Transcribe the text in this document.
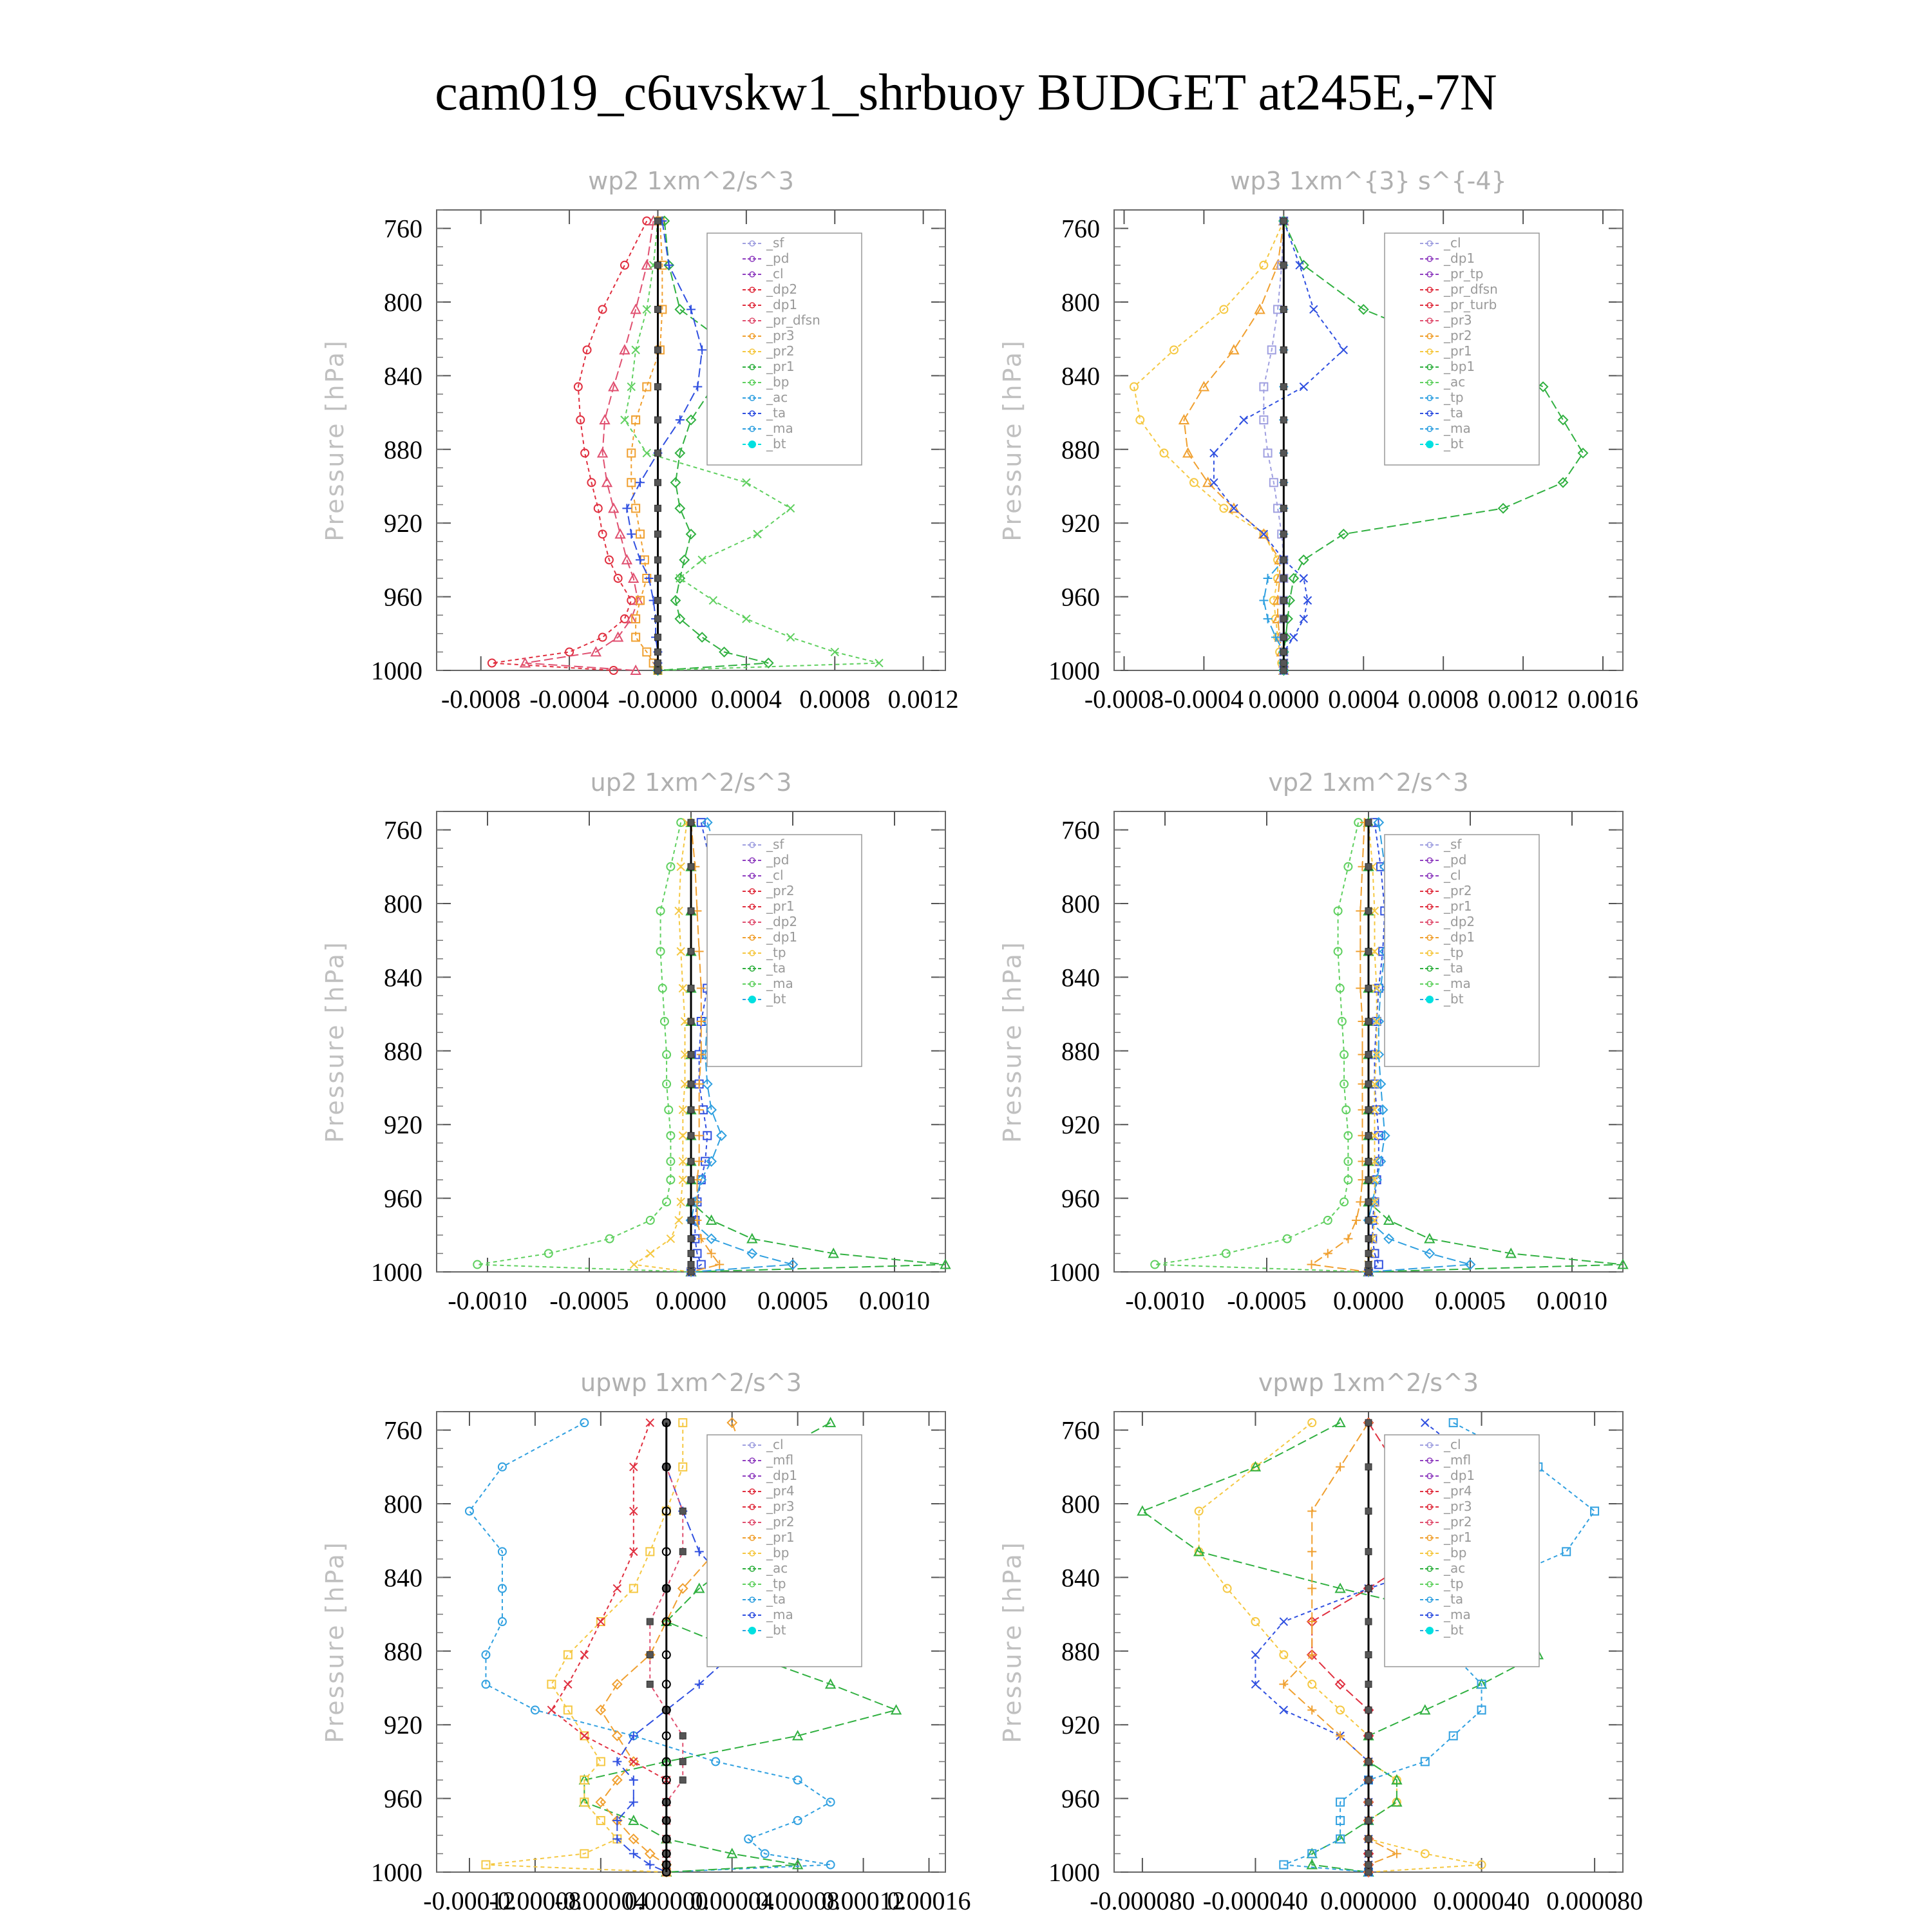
cam019_c6uvskw1_shrbuoy BUDGET at245E,-7N
wp2 1xm^2/s^3
Pressure [hPa]
760
800
840
880
920
960
1000
-0.0008 -0.0004 -0.0000 0.0004 0.0008 0.0012
_sf
_pd
_cl
_dp2
_dp1
_pr_dfsn
_pr3
_pr2
_pr1
_bp
_ac
_ta
_ma
_bt
wp3 1xm^{3} s^{-4}
Pressure [hPa]
760
800
840
880
920
960
1000
-0.0008 -0.0004 0.0000 0.0004 0.0008 0.0012 0.0016
_cl
_dp1
_pr_tp
_pr_dfsn
_pr_turb
_pr3
_pr2
_pr1
_bp1
_ac
_tp
_ta
_ma
_bt
up2 1xm^2/s^3
Pressure [hPa]
760
800
840
880
920
960
1000
-0.0010 -0.0005 0.0000 0.0005 0.0010
_sf
_pd
_cl
_pr2
_pr1
_dp2
_dp1
_tp
_ta
_ma
_bt
vp2 1xm^2/s^3
Pressure [hPa]
760
800
840
880
920
960
1000
-0.0010 -0.0005 0.0000 0.0005 0.0010
_sf
_pd
_cl
_pr2
_pr1
_dp2
_dp1
_tp
_ta
_ma
_bt
upwp 1xm^2/s^3
Pressure [hPa]
760
800
840
880
920
960
1000
-0.00012
-0.00008
-0.00004
0.00000
0.00004
0.00008
0.00012
0.00016
_cl
_mfl
_dp1
_pr4
_pr3
_pr2
_pr1
_bp
_ac
_tp
_ta
_ma
_bt
vpwp 1xm^2/s^3
Pressure [hPa]
760
800
840
880
920
960
1000
-0.000080 -0.000040 0.000000 0.000040 0.000080
_cl
_mfl
_dp1
_pr4
_pr3
_pr2
_pr1
_bp
_ac
_tp
_ta
_ma
_bt
